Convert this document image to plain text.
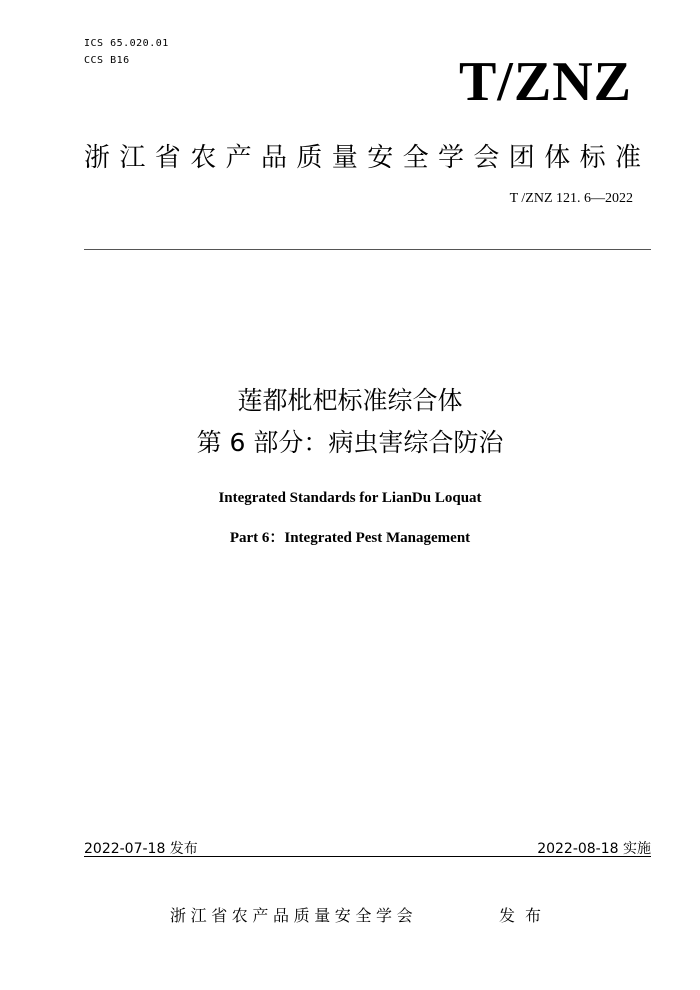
ICS 65.020.01
CCS B16	T/ZNZ
浙江省农产品质量安全学会团体标准
T /ZNZ 121. 6—2022
莲都枇杷标准综合体
第 6 部分：病虫害综合防治
Integrated Standards for LianDu Loquat
Part 6：Integrated Pest Management
2022-07-18 发布	2022-08-18 实施
浙江省农产品质量安全学会	发布
